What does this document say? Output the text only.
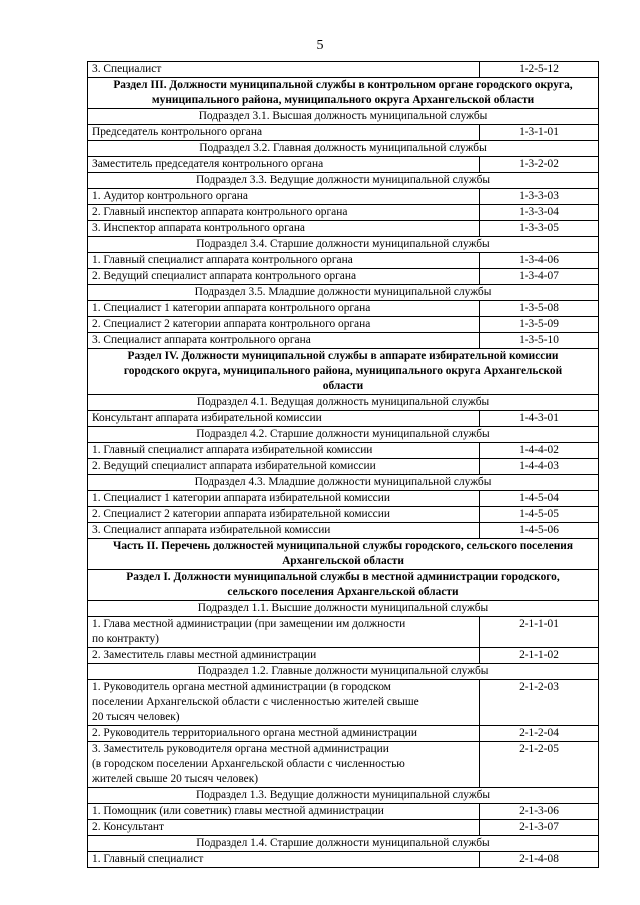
5
3. Специалист	1-2-5-12
Раздел III. Должности муниципальной службы в контрольном органе городского округа, муниципального района, муниципального округа Архангельской области	
Подраздел 3.1. Высшая должность муниципальной службы	
Председатель контрольного органа	1-3-1-01
Подраздел 3.2. Главная должность муниципальной службы	
Заместитель председателя контрольного органа	1-3-2-02
Подраздел 3.3. Ведущие должности муниципальной службы	
1. Аудитор контрольного органа	1-3-3-03
2. Главный инспектор аппарата контрольного органа	1-3-3-04
3. Инспектор аппарата контрольного органа	1-3-3-05
Подраздел 3.4. Старшие должности муниципальной службы	
1. Главный специалист аппарата контрольного органа	1-3-4-06
2. Ведущий специалист аппарата контрольного органа	1-3-4-07
Подраздел 3.5. Младшие должности муниципальной службы	
1. Специалист 1 категории аппарата контрольного органа	1-3-5-08
2. Специалист 2 категории аппарата контрольного органа	1-3-5-09
3. Специалист аппарата контрольного органа	1-3-5-10
Раздел IV. Должности муниципальной службы в аппарате избирательной комиссии городского округа, муниципального района, муниципального округа Архангельской области	
Подраздел 4.1. Ведущая должность муниципальной службы	
Консультант аппарата избирательной комиссии	1-4-3-01
Подраздел 4.2. Старшие должности муниципальной службы	
1. Главный специалист аппарата избирательной комиссии	1-4-4-02
2. Ведущий специалист аппарата избирательной комиссии	1-4-4-03
Подраздел 4.3. Младшие должности муниципальной службы	
1. Специалист 1 категории аппарата избирательной комиссии	1-4-5-04
2. Специалист 2 категории аппарата избирательной комиссии	1-4-5-05
3. Специалист аппарата избирательной комиссии	1-4-5-06
Часть II. Перечень должностей муниципальной службы городского, сельского поселения Архангельской области	
Раздел I. Должности муниципальной службы в местной администрации городского, сельского поселения Архангельской области	
Подраздел 1.1. Высшие должности муниципальной службы	
1. Глава местной администрации (при замещении им должности
по контракту)	2-1-1-01
2. Заместитель главы местной администрации	2-1-1-02
Подраздел 1.2. Главные должности муниципальной службы	
1. Руководитель органа местной администрации (в городском
поселении Архангельской области с численностью жителей свыше
20 тысяч человек)	2-1-2-03
2. Руководитель территориального органа местной администрации	2-1-2-04
3. Заместитель руководителя органа местной администрации
(в городском поселении Архангельской области с численностью
жителей свыше 20 тысяч человек)	2-1-2-05
Подраздел 1.3. Ведущие должности муниципальной службы	
1. Помощник (или советник) главы местной администрации	2-1-3-06
2. Консультант	2-1-3-07
Подраздел 1.4. Старшие должности муниципальной службы	
1. Главный специалист	2-1-4-08
